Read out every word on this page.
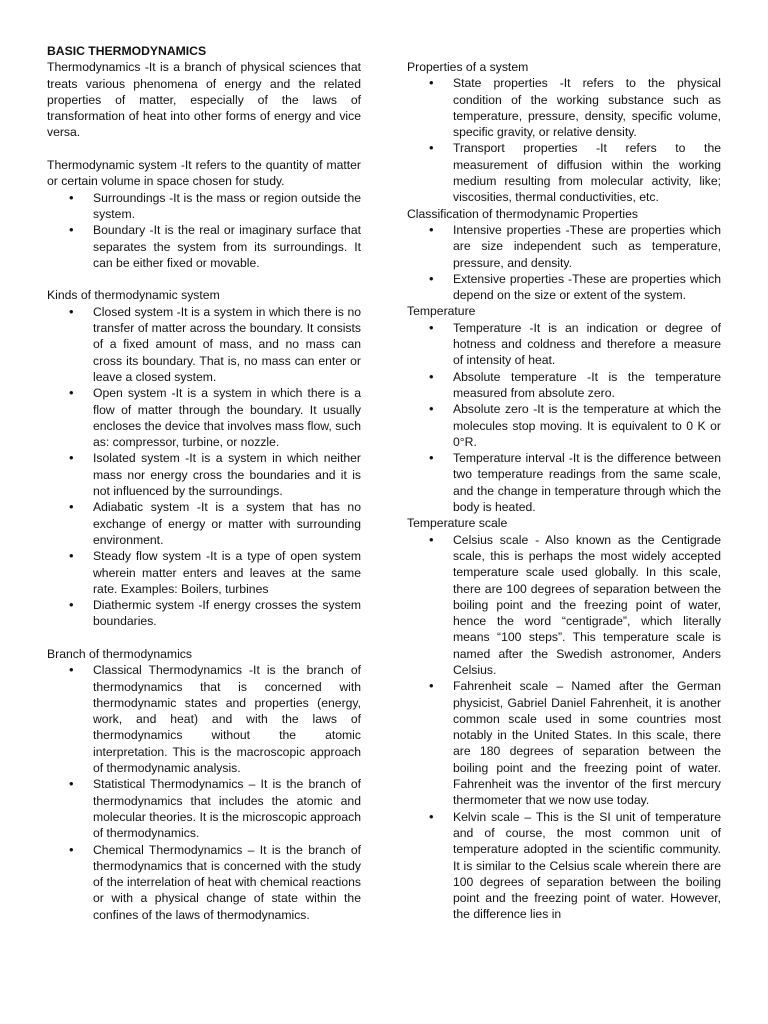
BASIC THERMODYNAMICS

Thermodynamics -It is a branch of physical sciences that treats various phenomena of energy and the related properties of matter, especially of the laws of transformation of heat into other forms of energy and vice versa.

Thermodynamic system -It refers to the quantity of matter or certain volume in space chosen for study.

• Surroundings -It is the mass or region outside the system.
• Boundary -It is the real or imaginary surface that separates the system from its surroundings. It can be either fixed or movable.

Kinds of thermodynamic system

• Closed system -It is a system in which there is no transfer of matter across the boundary. It consists of a fixed amount of mass, and no mass can cross its boundary. That is, no mass can enter or leave a closed system.
• Open system -It is a system in which there is a flow of matter through the boundary. It usually encloses the device that involves mass flow, such as: compressor, turbine, or nozzle.
• Isolated system -It is a system in which neither mass nor energy cross the boundaries and it is not influenced by the surroundings.
• Adiabatic system -It is a system that has no exchange of energy or matter with surrounding environment.
• Steady flow system -It is a type of open system wherein matter enters and leaves at the same rate. Examples: Boilers, turbines
• Diathermic system -If energy crosses the system boundaries.

Branch of thermodynamics

• Classical Thermodynamics -It is the branch of thermodynamics that is concerned with thermodynamic states and properties (energy, work, and heat) and with the laws of thermodynamics without the atomic interpretation. This is the macroscopic approach of thermodynamic analysis.
• Statistical Thermodynamics – It is the branch of thermodynamics that includes the atomic and molecular theories. It is the microscopic approach of thermodynamics.
• Chemical Thermodynamics – It is the branch of thermodynamics that is concerned with the study of the interrelation of heat with chemical reactions or with a physical change of state within the confines of the laws of thermodynamics.

Properties of a system

• State properties -It refers to the physical condition of the working substance such as temperature, pressure, density, specific volume, specific gravity, or relative density.
• Transport properties -It refers to the measurement of diffusion within the working medium resulting from molecular activity, like; viscosities, thermal conductivities, etc.

Classification of thermodynamic Properties

• Intensive properties -These are properties which are size independent such as temperature, pressure, and density.
• Extensive properties -These are properties which depend on the size or extent of the system.

Temperature

• Temperature -It is an indication or degree of hotness and coldness and therefore a measure of intensity of heat.
• Absolute temperature -It is the temperature measured from absolute zero.
• Absolute zero -It is the temperature at which the molecules stop moving. It is equivalent to 0 K or 0°R.
• Temperature interval -It is the difference between two temperature readings from the same scale, and the change in temperature through which the body is heated.

Temperature scale

• Celsius scale - Also known as the Centigrade scale, this is perhaps the most widely accepted temperature scale used globally. In this scale, there are 100 degrees of separation between the boiling point and the freezing point of water, hence the word “centigrade”, which literally means “100 steps”. This temperature scale is named after the Swedish astronomer, Anders Celsius.
• Fahrenheit scale – Named after the German physicist, Gabriel Daniel Fahrenheit, it is another common scale used in some countries most notably in the United States. In this scale, there are 180 degrees of separation between the boiling point and the freezing point of water. Fahrenheit was the inventor of the first mercury thermometer that we now use today.
• Kelvin scale – This is the SI unit of temperature and of course, the most common unit of temperature adopted in the scientific community. It is similar to the Celsius scale wherein there are 100 degrees of separation between the boiling point and the freezing point of water. However, the difference lies in
